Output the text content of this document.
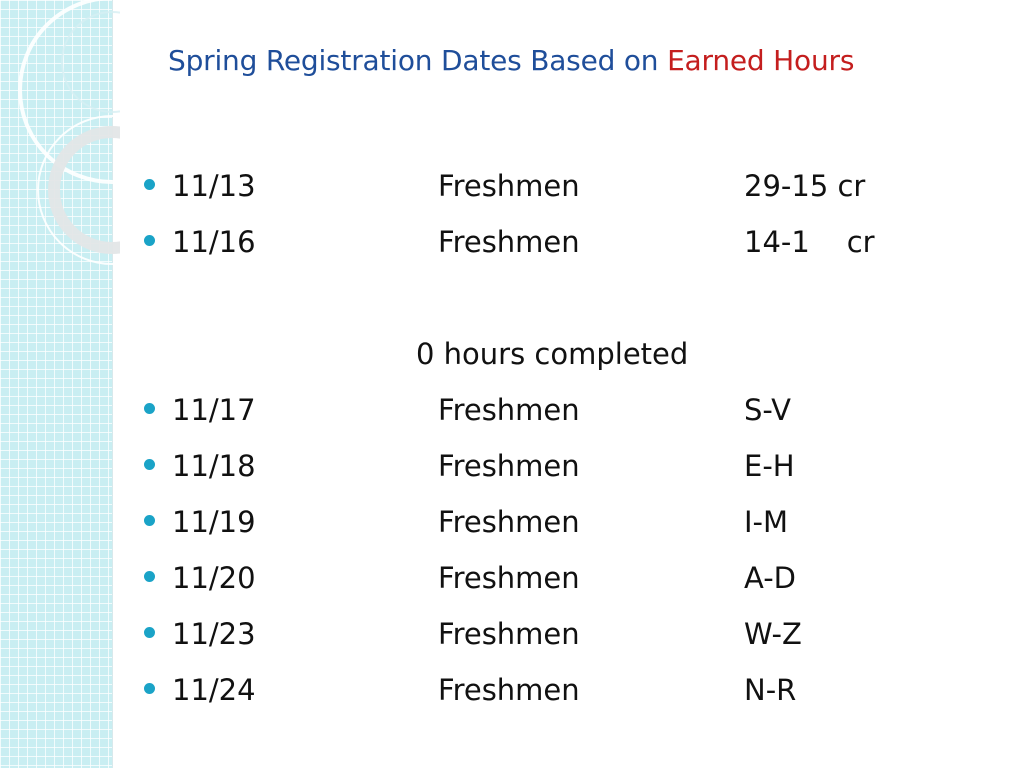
Spring Registration Dates Based on Earned Hours
11/13	Freshmen	29-15 cr
11/16	Freshmen	14-1    cr
0 hours completed
11/17	Freshmen	S-V
11/18	Freshmen	E-H
11/19	Freshmen	I-M
11/20	Freshmen	A-D
11/23	Freshmen	W-Z
11/24	Freshmen	N-R
